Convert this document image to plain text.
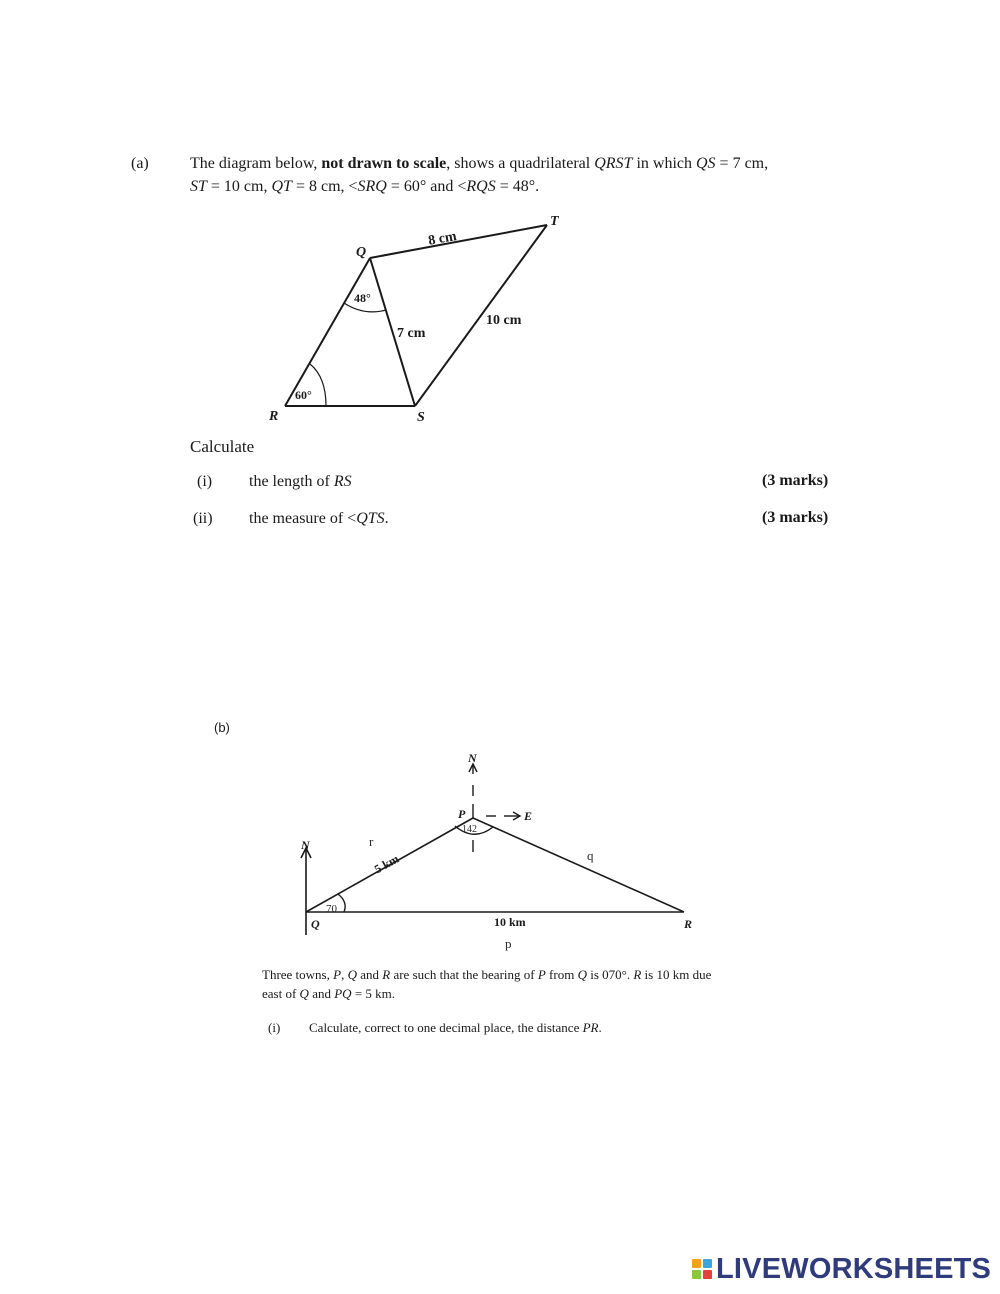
(a)	The diagram below, not drawn to scale, shows a quadrilateral QRST in which QS = 7 cm,
ST = 10 cm, QT = 8 cm, <SRQ = 60° and <RQS = 48°.
Q
R	S
T
8 cm
10 cm
7 cm
48°
60°
Calculate
(i) the length of RS	(3 marks)
(ii) the measure of <QTS.	(3 marks)
(b)
N
N
E
P
Q	R
5 km
10 km
r
q
p
70
142
Three towns, P, Q and R are such that the bearing of P from Q is 070°. R is 10 km due
east of Q and PQ = 5 km.
(i) Calculate, correct to one decimal place, the distance PR.
LIVEWORKSHEETS
